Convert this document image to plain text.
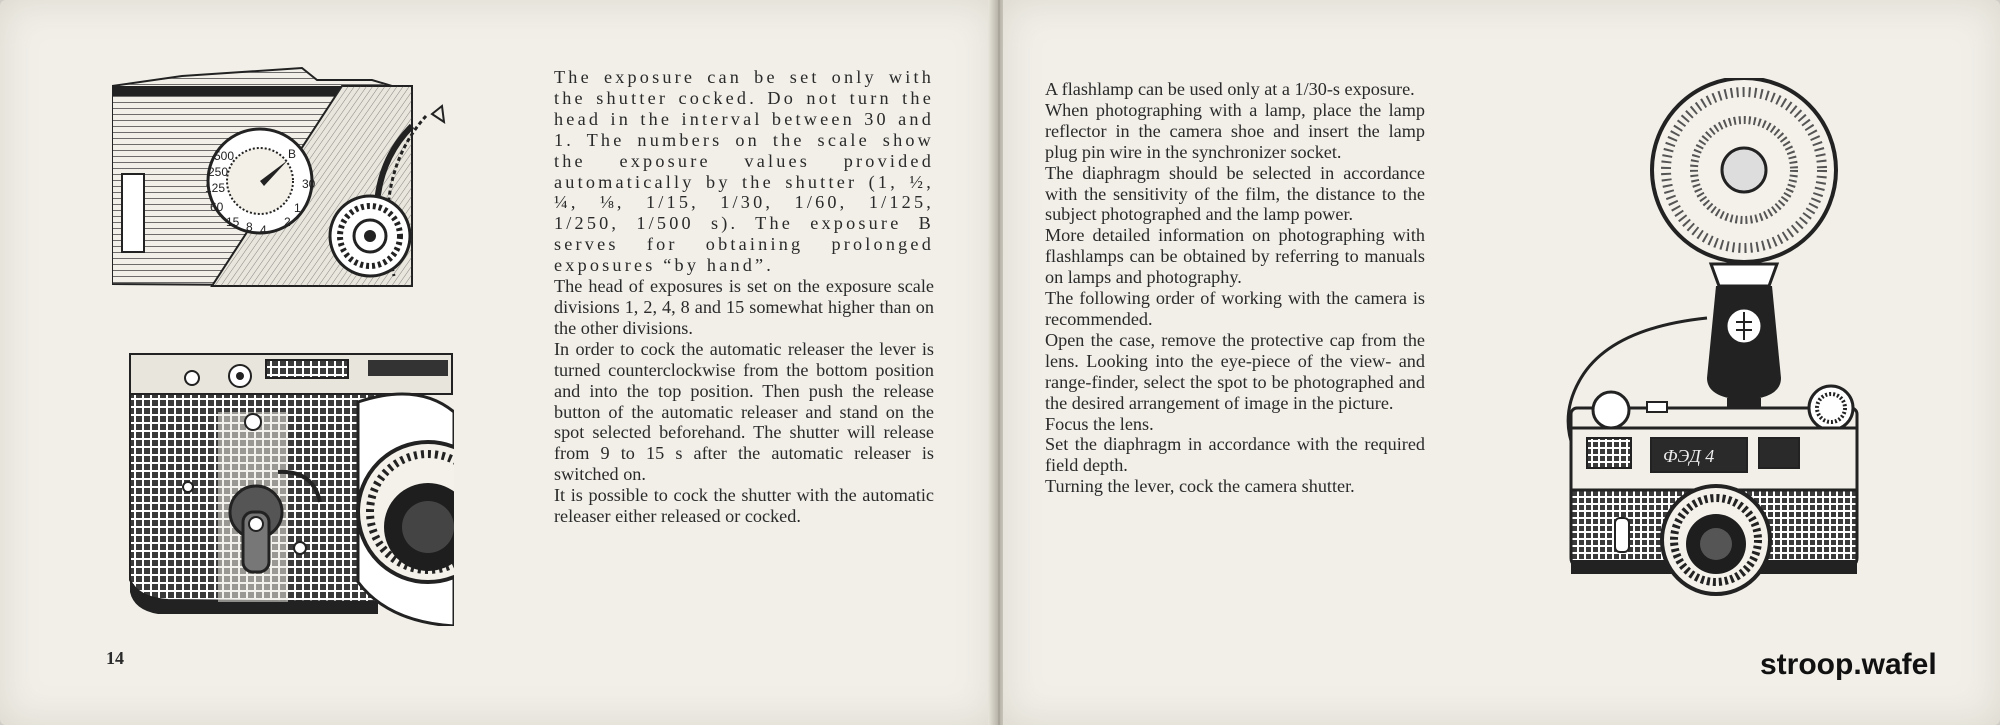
500
250
125
60
15 8 4
B
30
1
2

The exposure can be set only with the shutter cocked. Do not turn the head in the interval between 30 and 1. The numbers on the scale show the exposure values provided automatically by the shutter (1, ½, ¼, ⅛, 1/15, 1/30, 1/60, 1/125, 1/250, 1/500 s). The exposure B serves for obtaining prolonged exposures “by hand”.

The head of exposures is set on the exposure scale divisions 1, 2, 4, 8 and 15 somewhat higher than on the other divisions.

In order to cock the automatic releaser the lever is turned counterclockwise from the bottom position and into the top position. Then push the release button of the automatic releaser and stand on the spot selected beforehand. The shutter will release from 9 to 15 s after the automatic releaser is switched on.

It is possible to cock the shutter with the automatic releaser either released or cocked.

14

A flashlamp can be used only at a 1/30-s exposure.

When photographing with a lamp, place the lamp reflector in the camera shoe and insert the lamp plug pin wire in the synchronizer socket.

The diaphragm should be selected in accordance with the sensitivity of the film, the distance to the subject photographed and the lamp power.

More detailed information on photographing with flashlamps can be obtained by referring to manuals on lamps and photography.

The following order of working with the camera is recommended.

Open the case, remove the protective cap from the lens. Looking into the eye-piece of the view- and range-finder, select the spot to be photographed and the desired arrangement of image in the picture.

Focus the lens.

Set the diaphragm in accordance with the required field depth.

Turning the lever, cock the camera shutter.

ФЭД 4
stroop.wafel
